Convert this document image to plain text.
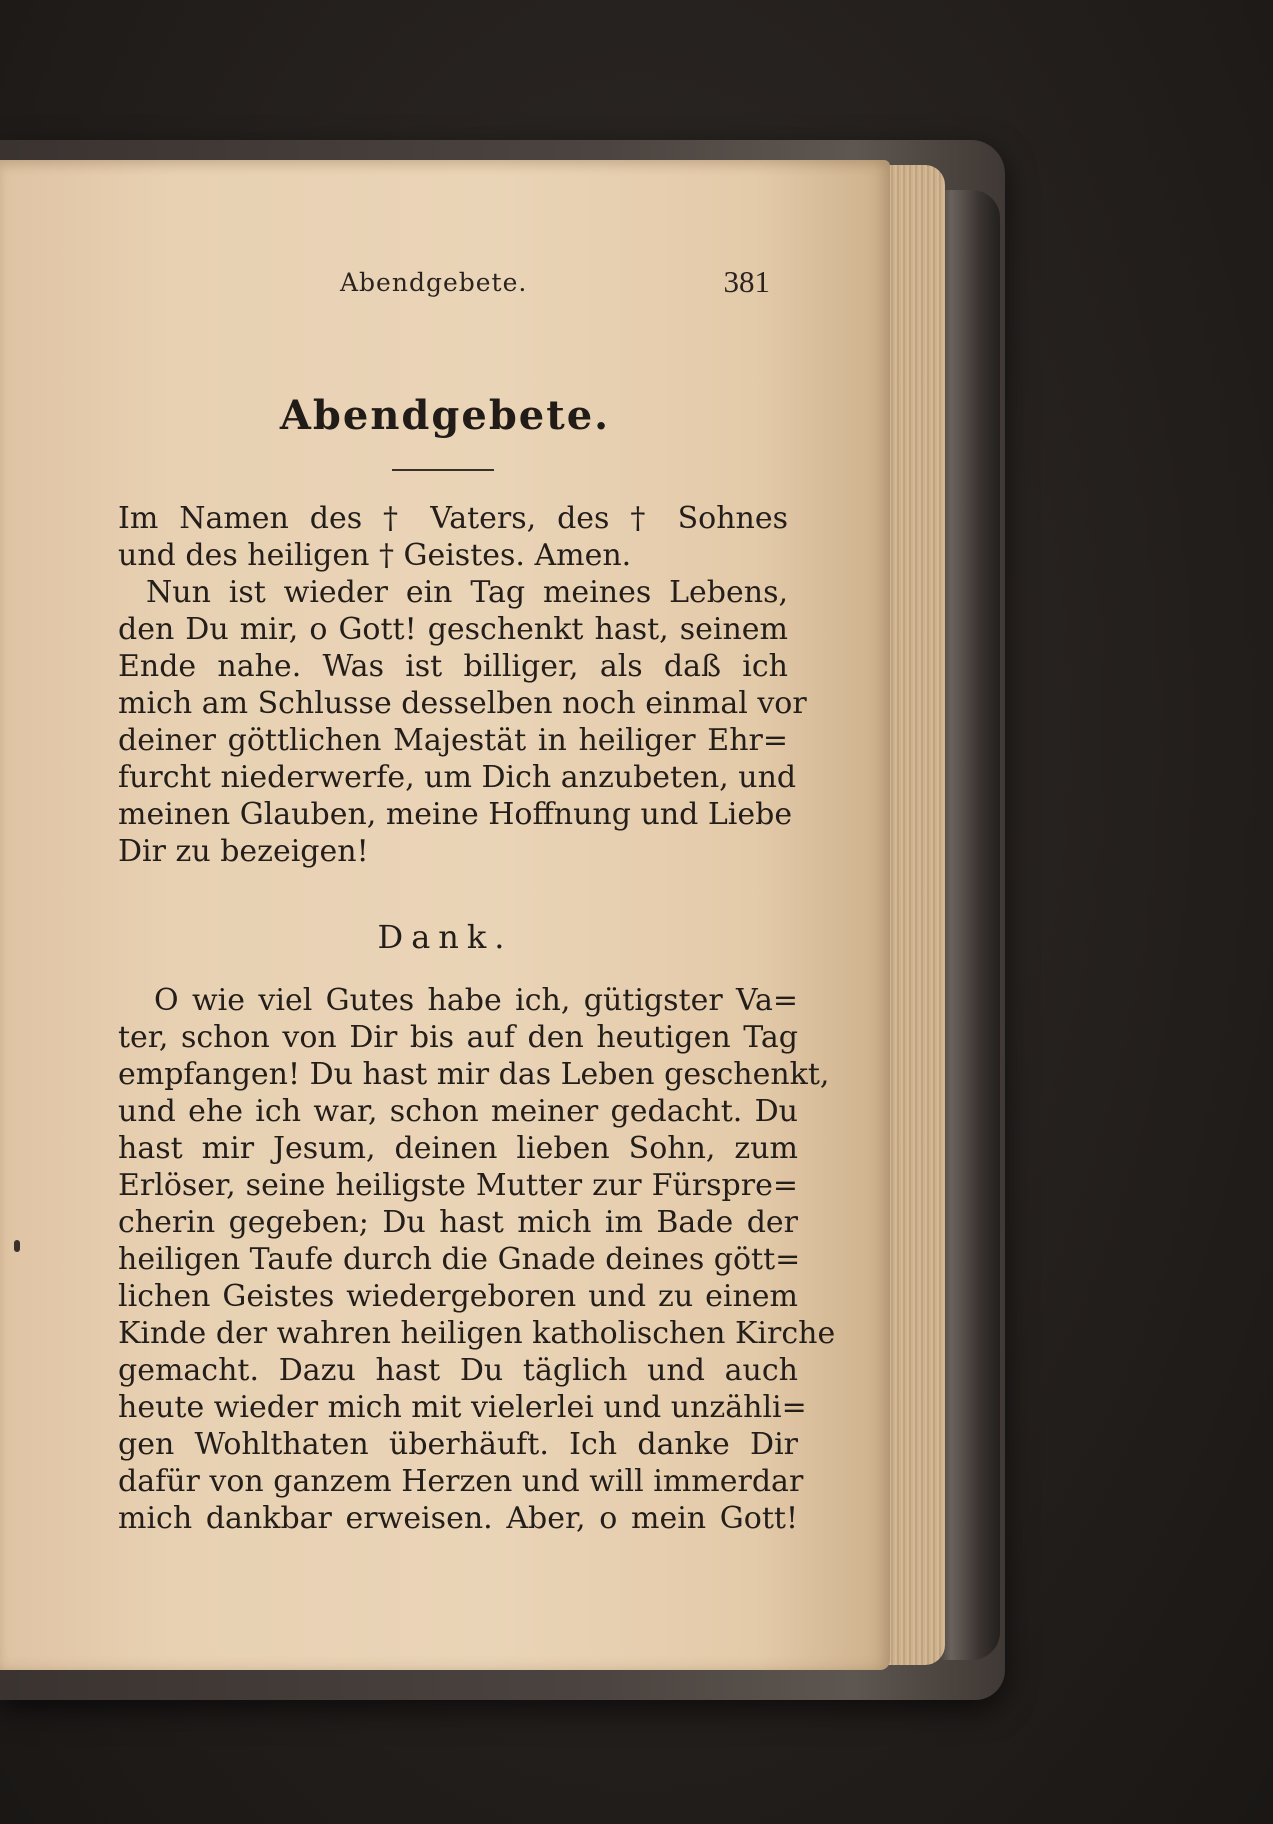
Abendgebete.	381
Abendgebete.
Im Namen des † Vaters, des † Sohnes
und des heiligen † Geistes. Amen.
Nun ist wieder ein Tag meines Lebens,
den Du mir, o Gott! geschenkt hast, seinem
Ende nahe. Was ist billiger, als daß ich
mich am Schlusse desselben noch einmal vor
deiner göttlichen Majestät in heiliger Ehr=
furcht niederwerfe, um Dich anzubeten, und
meinen Glauben, meine Hoffnung und Liebe
Dir zu bezeigen!
Dank.
O wie viel Gutes habe ich, gütigster Va=
ter, schon von Dir bis auf den heutigen Tag
empfangen! Du hast mir das Leben geschenkt,
und ehe ich war, schon meiner gedacht. Du
hast mir Jesum, deinen lieben Sohn, zum
Erlöser, seine heiligste Mutter zur Fürspre=
cherin gegeben; Du hast mich im Bade der
heiligen Taufe durch die Gnade deines gött=
lichen Geistes wiedergeboren und zu einem
Kinde der wahren heiligen katholischen Kirche
gemacht. Dazu hast Du täglich und auch
heute wieder mich mit vielerlei und unzähli=
gen Wohlthaten überhäuft. Ich danke Dir
dafür von ganzem Herzen und will immerdar
mich dankbar erweisen. Aber, o mein Gott!
